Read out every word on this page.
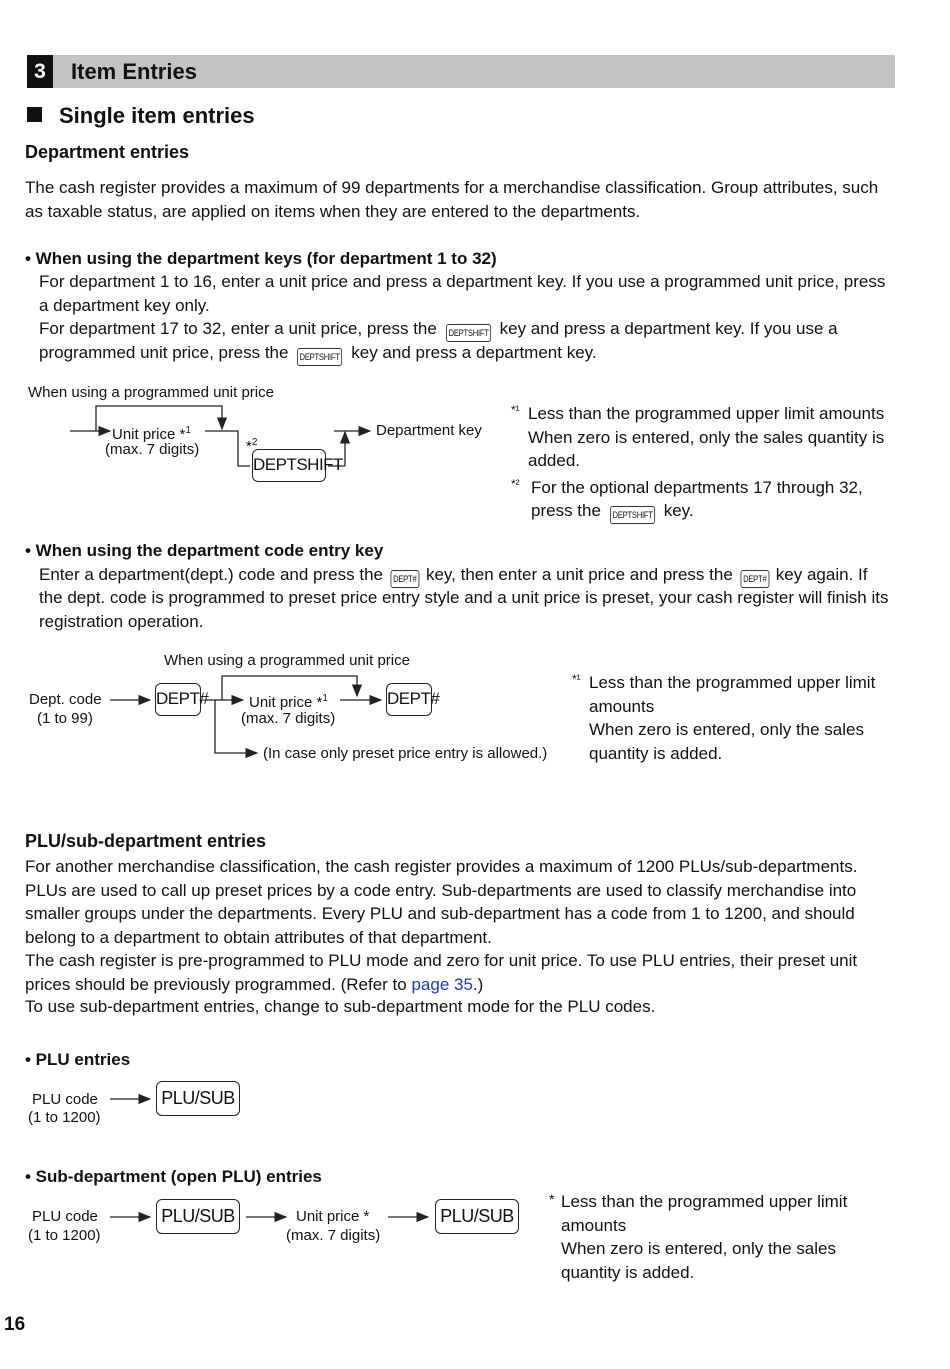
3	Item Entries
Single item entries
Department entries

The cash register provides a maximum of 99 departments for a merchandise classification. Group attributes, such as taxable status, are applied on items when they are entered to the departments.

• When using the department keys (for department 1 to 32)

For department 1 to 16, enter a unit price and press a department key. If you use a programmed unit price, press a department key only.

For department 17 to 32, enter a unit price, press the DEPTSHIFT key and press a department key. If you use a

programmed unit price, press the DEPTSHIFT key and press a department key.

When using a programmed unit price
Unit price *$^1$
(max. 7 digits)	*$^2$
DEPTSHIFT
Department key
*¹ Less than the programmed upper limit amounts
When zero is entered, only the sales quantity is
added.
*² For the optional departments 17 through 32,
press the DEPTSHIFT key.
• When using the department code entry key

Enter a department(dept.) code and press the DEPT# key, then enter a unit price and press the DEPT# key again. If

the dept. code is programmed to preset price entry style and a unit price is preset, your cash register will finish its registration operation.

When using a programmed unit price
Dept. code
(1 to 99)
DEPT#	Unit price *$^1$
(max. 7 digits)
DEPT#
(In case only preset price entry is allowed.)
*¹ Less than the programmed upper limit
amounts
When zero is entered, only the sales
quantity is added.
PLU/sub-department entries

For another merchandise classification, the cash register provides a maximum of 1200 PLUs/sub-departments. PLUs are used to call up preset prices by a code entry. Sub-departments are used to classify merchandise into smaller groups under the departments. Every PLU and sub-department has a code from 1 to 1200, and should belong to a department to obtain attributes of that department.

The cash register is pre-programmed to PLU mode and zero for unit price. To use PLU entries, their preset unit prices should be previously programmed. (Refer to page 35.)

To use sub-department entries, change to sub-department mode for the PLU codes.

• PLU entries
PLU code
(1 to 1200)
PLU/SUB
• Sub-department (open PLU) entries
PLU code
(1 to 1200)
PLU/SUB	Unit price *
(max. 7 digits)
PLU/SUB
* Less than the programmed upper limit
amounts
When zero is entered, only the sales
quantity is added.
16
